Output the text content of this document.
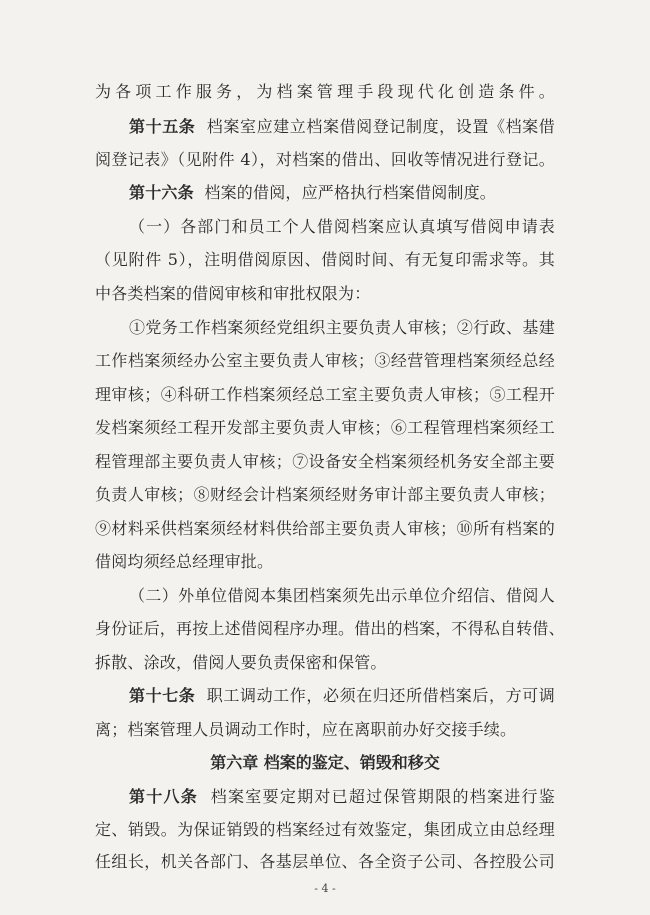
为各项工作服务，为档案管理手段现代化创造条件。
第十五条 档案室应建立档案借阅登记制度，设置《档案借
阅登记表》（见附件 4），对档案的借出、回收等情况进行登记。
第十六条 档案的借阅，应严格执行档案借阅制度。
（一）各部门和员工个人借阅档案应认真填写借阅申请表
（见附件 5），注明借阅原因、借阅时间、有无复印需求等。其
中各类档案的借阅审核和审批权限为：
①党务工作档案须经党组织主要负责人审核；②行政、基建
工作档案须经办公室主要负责人审核；③经营管理档案须经总经
理审核；④科研工作档案须经总工室主要负责人审核；⑤工程开
发档案须经工程开发部主要负责人审核；⑥工程管理档案须经工
程管理部主要负责人审核；⑦设备安全档案须经机务安全部主要
负责人审核；⑧财经会计档案须经财务审计部主要负责人审核；
⑨材料采供档案须经材料供给部主要负责人审核；⑩所有档案的
借阅均须经总经理审批。
（二）外单位借阅本集团档案须先出示单位介绍信、借阅人
身份证后，再按上述借阅程序办理。借出的档案，不得私自转借、
拆散、涂改，借阅人要负责保密和保管。
第十七条 职工调动工作，必须在归还所借档案后，方可调
离；档案管理人员调动工作时，应在离职前办好交接手续。
第六章 档案的鉴定、销毁和移交
第十八条 档案室要定期对已超过保管期限的档案进行鉴
定、销毁。为保证销毁的档案经过有效鉴定，集团成立由总经理
任组长，机关各部门、各基层单位、各全资子公司、各控股公司
- 4 -
